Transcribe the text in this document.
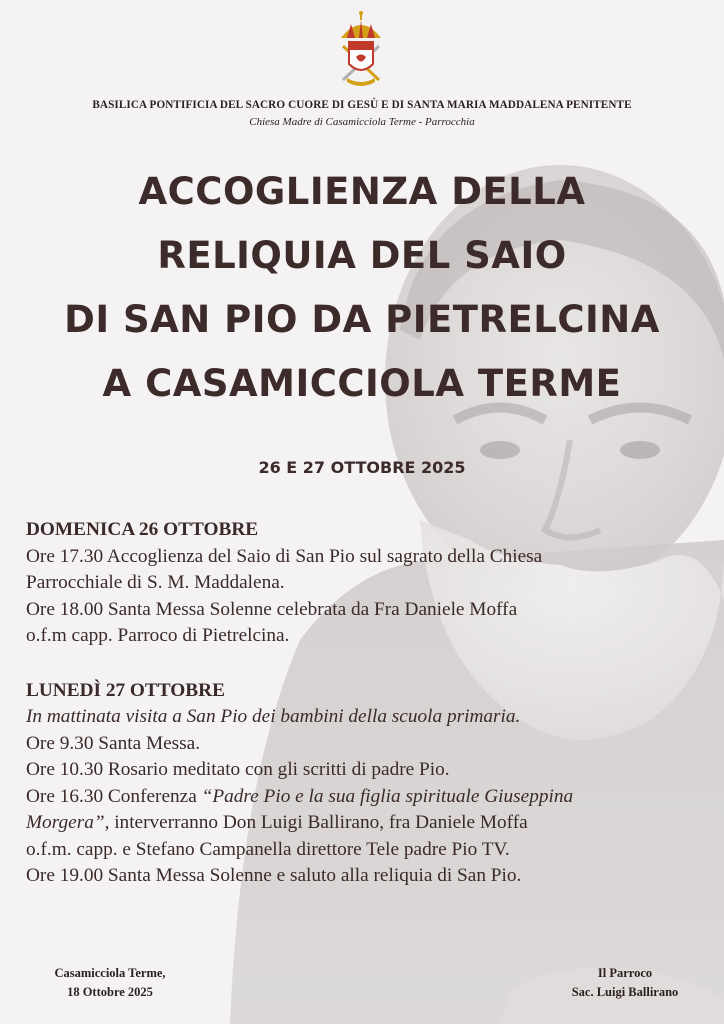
BASILICA PONTIFICIA DEL SACRO CUORE DI GESÙ E DI SANTA MARIA MADDALENA PENITENTE
Chiesa Madre di Casamicciola Terme - Parrocchia
ACCOGLIENZA DELLA
RELIQUIA DEL SAIO
DI SAN PIO DA PIETRELCINA
A CASAMICCIOLA TERME
26 E 27 OTTOBRE 2025
DOMENICA 26 OTTOBRE
Ore 17.30 Accoglienza del Saio di San Pio sul sagrato della Chiesa
Parrocchiale di S. M. Maddalena.
Ore 18.00 Santa Messa Solenne celebrata da Fra Daniele Moffa
o.f.m capp. Parroco di Pietrelcina.
LUNEDÌ 27 OTTOBRE
In mattinata visita a San Pio dei bambini della scuola primaria.
Ore 9.30 Santa Messa.
Ore 10.30 Rosario meditato con gli scritti di padre Pio.
Ore 16.30 Conferenza “Padre Pio e la sua figlia spirituale Giuseppina
Morgera”, interverranno Don Luigi Ballirano, fra Daniele Moffa
o.f.m. capp. e Stefano Campanella direttore Tele padre Pio TV.
Ore 19.00 Santa Messa Solenne e saluto alla reliquia di San Pio.
Casamicciola Terme,
18 Ottobre 2025
Il Parroco
Sac. Luigi Ballirano
